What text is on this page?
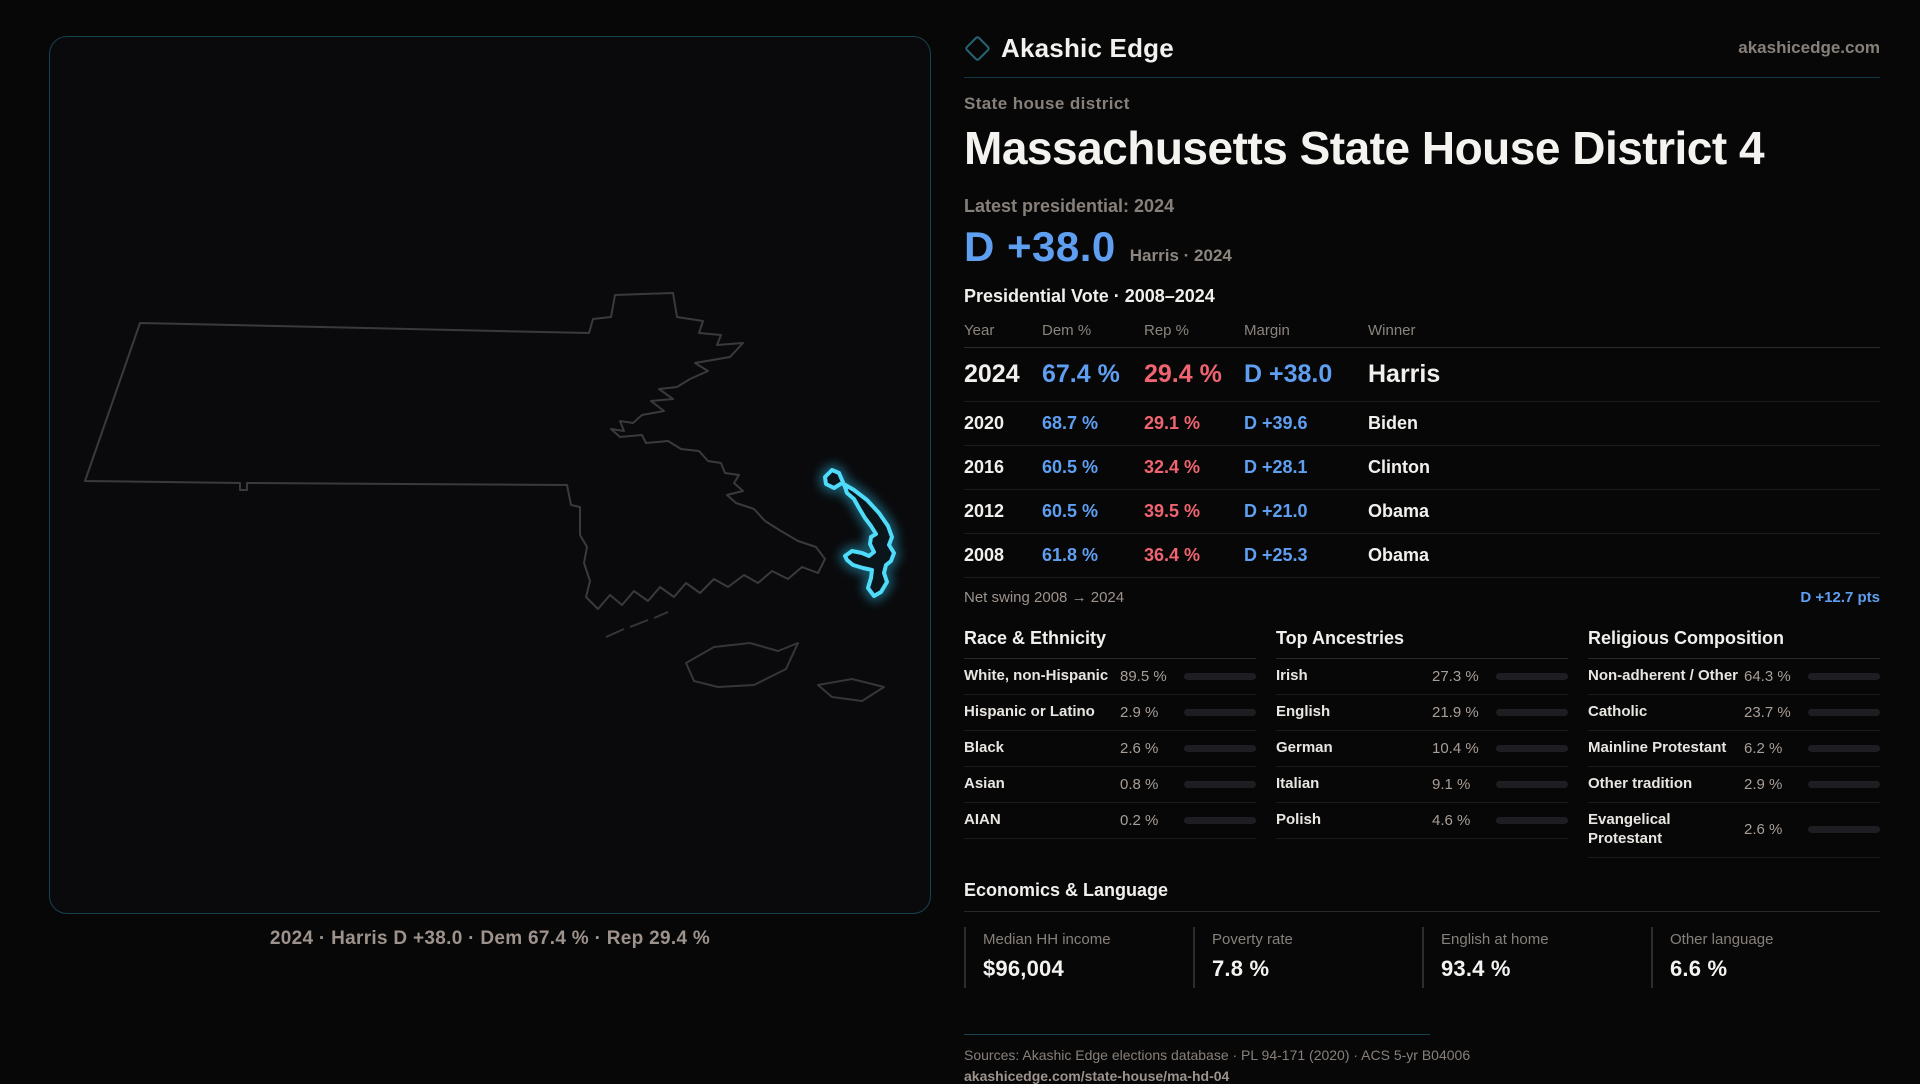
2024 · Harris D +38.0 · Dem 67.4 % · Rep 29.4 %
Akashic Edge	akashicedge.com
State house district
Massachusetts State House District 4
Latest presidential: 2024
D +38.0 Harris · 2024
Presidential Vote · 2008–2024
Year	Dem %	Rep %	Margin	Winner
2024 67.4 % 29.4 % D +38.0	Harris
2020	68.7 %	29.1 %	D +39.6	Biden
2016	60.5 %	32.4 %	D +28.1	Clinton
2012	60.5 %	39.5 %	D +21.0	Obama
2008	61.8 %	36.4 %	D +25.3	Obama
Net swing 2008 → 2024	D +12.7 pts
Race & Ethnicity
White, non-Hispanic 89.5 %
Hispanic or Latino	2.9 %
Black	2.6 %
Asian	0.8 %
AIAN	0.2 %
Top Ancestries
Irish	27.3 %
English	21.9 %
German	10.4 %
Italian	9.1 %
Polish	4.6 %
Religious Composition
Non-adherent / Other 64.3 %
Catholic	23.7 %
Mainline Protestant	6.2 %
Other tradition	2.9 %
Evangelical Protestant	2.6 %
Economics & Language
Median HH income
$96,004
Poverty rate
7.8 %
English at home
93.4 %
Other language
6.6 %
Sources: Akashic Edge elections database · PL 94-171 (2020) · ACS 5-yr B04006
akashicedge.com/state-house/ma-hd-04
